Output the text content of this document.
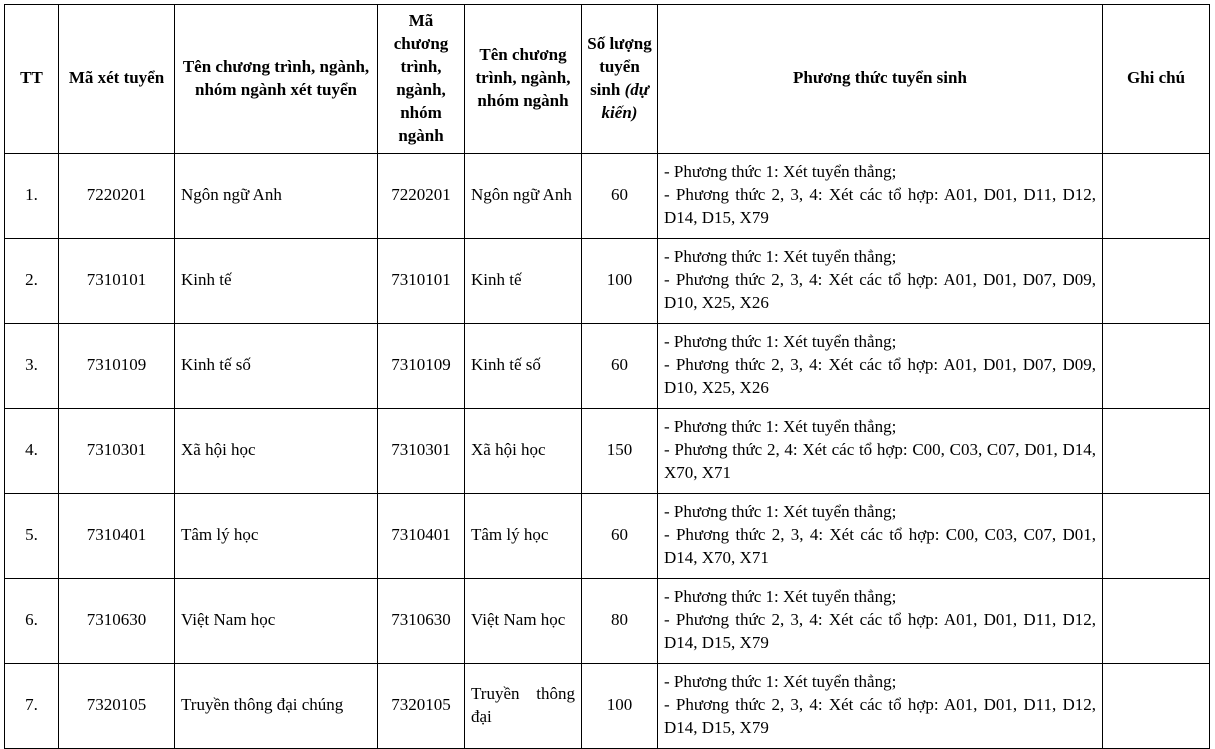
TT	Mã xét tuyển	Tên chương trình, ngành, nhóm ngành xét tuyển	Mã chương trình, ngành, nhóm ngành	Tên chương trình, ngành, nhóm ngành	Số lượng tuyển sinh (dự kiến)	Phương thức tuyển sinh	Ghi chú
1.	7220201	Ngôn ngữ Anh	7220201	Ngôn ngữ Anh	60	- Phương thức 1: Xét tuyển thẳng;
- Phương thức 2, 3, 4: Xét các tổ hợp: A01, D01, D11, D12, D14, D15, X79	

2.	7310101	Kinh tế	7310101	Kinh tế	100	- Phương thức 1: Xét tuyển thẳng;
- Phương thức 2, 3, 4: Xét các tổ hợp: A01, D01, D07, D09, D10, X25, X26	

3.	7310109	Kinh tế số	7310109	Kinh tế số	60	- Phương thức 1: Xét tuyển thẳng;
- Phương thức 2, 3, 4: Xét các tổ hợp: A01, D01, D07, D09, D10, X25, X26	

4.	7310301	Xã hội học	7310301	Xã hội học	150	- Phương thức 1: Xét tuyển thẳng;
- Phương thức 2, 4: Xét các tổ hợp: C00, C03, C07, D01, D14, X70, X71	

5.	7310401	Tâm lý học	7310401	Tâm lý học	60	- Phương thức 1: Xét tuyển thẳng;
- Phương thức 2, 3, 4: Xét các tổ hợp: C00, C03, C07, D01, D14, X70, X71	

6.	7310630	Việt Nam học	7310630	Việt Nam học	80	- Phương thức 1: Xét tuyển thẳng;
- Phương thức 2, 3, 4: Xét các tổ hợp: A01, D01, D11, D12, D14, D15, X79	

7.	7320105	Truyền thông đại chúng	7320105	Truyền thông đại	100	- Phương thức 1: Xét tuyển thẳng;
- Phương thức 2, 3, 4: Xét các tổ hợp: A01, D01, D11, D12, D14, D15, X79	
